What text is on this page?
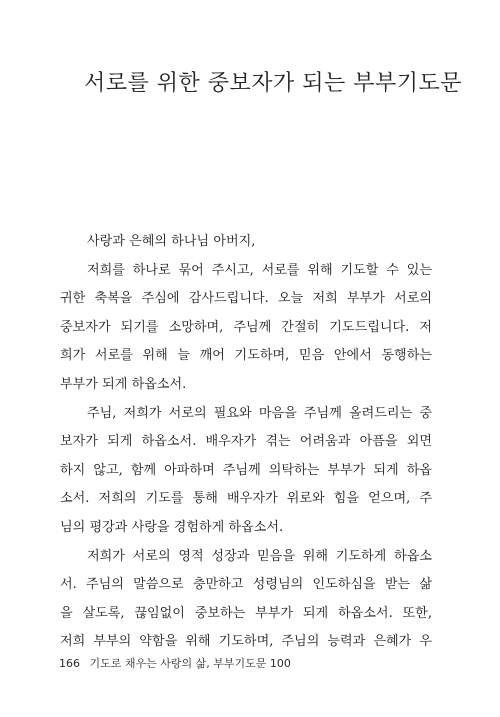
서로를 위한 중보자가 되는 부부기도문
사랑과 은혜의 하나님 아버지,
저희를 하나로 묶어 주시고, 서로를 위해 기도할 수 있는
귀한 축복을 주심에 감사드립니다. 오늘 저희 부부가 서로의
중보자가 되기를 소망하며, 주님께 간절히 기도드립니다. 저
희가 서로를 위해 늘 깨어 기도하며, 믿음 안에서 동행하는
부부가 되게 하옵소서.
주님, 저희가 서로의 필요와 마음을 주님께 올려드리는 중
보자가 되게 하옵소서. 배우자가 겪는 어려움과 아픔을 외면
하지 않고, 함께 아파하며 주님께 의탁하는 부부가 되게 하옵
소서. 저희의 기도를 통해 배우자가 위로와 힘을 얻으며, 주
님의 평강과 사랑을 경험하게 하옵소서.
저희가 서로의 영적 성장과 믿음을 위해 기도하게 하옵소
서. 주님의 말씀으로 충만하고 성령님의 인도하심을 받는 삶
을 살도록, 끊임없이 중보하는 부부가 되게 하옵소서. 또한,
저희 부부의 약함을 위해 기도하며, 주님의 능력과 은혜가 우
166 기도로 채우는 사랑의 삶, 부부기도문 100
